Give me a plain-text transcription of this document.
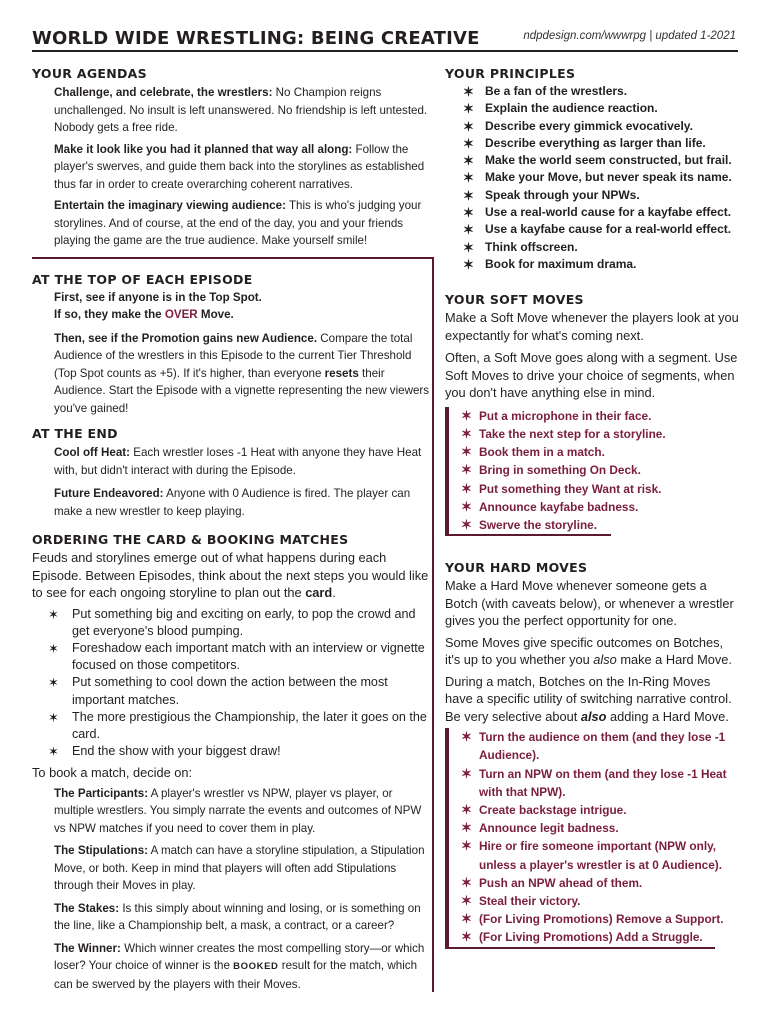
WORLD WIDE WRESTLING: BEING CREATIVE	ndpdesign.com/wwwrpg | updated 1-2021
YOUR AGENDAS

Challenge, and celebrate, the wrestlers: No Champion reigns unchallenged. No insult is left unanswered. No friendship is left untested. Nobody gets a free ride.

Make it look like you had it planned that way all along: Follow the player's swerves, and guide them back into the storylines as established thus far in order to create overarching coherent narratives.

Entertain the imaginary viewing audience: This is who's judging your storylines. And of course, at the end of the day, you and your friends playing the game are the true audience. Make yourself smile!

AT THE TOP OF EACH EPISODE

First, see if anyone is in the Top Spot.

If so, they make the OVER Move.

Then, see if the Promotion gains new Audience. Compare the total Audience of the wrestlers in this Episode to the current Tier Threshold (Top Spot counts as +5). If it's higher, than everyone resets their Audience. Start the Episode with a vignette representing the new viewers you've gained!

AT THE END

Cool off Heat: Each wrestler loses -1 Heat with anyone they have Heat with, but didn't interact with during the Episode.

Future Endeavored: Anyone with 0 Audience is fired. The player can make a new wrestler to keep playing.

ORDERING THE CARD & BOOKING MATCHES

Feuds and storylines emerge out of what happens during each Episode. Between Episodes, think about the next steps you would like to see for each ongoing storyline to plan out the card.

✶ Put something big and exciting on early, to pop the crowd and get everyone's blood pumping.
✶ Foreshadow each important match with an interview or vignette focused on those competitors.
✶ Put something to cool down the action between the most important matches.
✶ The more prestigious the Championship, the later it goes on the card.
✶ End the show with your biggest draw!

To book a match, decide on:

The Participants: A player's wrestler vs NPW, player vs player, or multiple wrestlers. You simply narrate the events and outcomes of NPW vs NPW matches if you need to cover them in play.

The Stipulations: A match can have a storyline stipulation, a Stipulation Move, or both. Keep in mind that players will often add Stipulations through their Moves in play.

The Stakes: Is this simply about winning and losing, or is something on the line, like a Championship belt, a mask, a contract, or a career?

The Winner: Which winner creates the most compelling story—or which loser? Your choice of winner is the BOOKED result for the match, which can be swerved by the players with their Moves.

YOUR PRINCIPLES
✶ Be a fan of the wrestlers.
✶ Explain the audience reaction.
✶ Describe every gimmick evocatively.
✶ Describe everything as larger than life.
✶ Make the world seem constructed, but frail.
✶ Make your Move, but never speak its name.
✶ Speak through your NPWs.
✶ Use a real-world cause for a kayfabe effect.
✶ Use a kayfabe cause for a real-world effect.
✶ Think offscreen.
✶ Book for maximum drama.
YOUR SOFT MOVES

Make a Soft Move whenever the players look at you expectantly for what's coming next.

Often, a Soft Move goes along with a segment. Use Soft Moves to drive your choice of segments, when you don't have anything else in mind.

✶ Put a microphone in their face.
✶ Take the next step for a storyline.
✶ Book them in a match.
✶ Bring in something On Deck.
✶ Put something they Want at risk.
✶ Announce kayfabe badness.
✶ Swerve the storyline.
YOUR HARD MOVES

Make a Hard Move whenever someone gets a Botch (with caveats below), or whenever a wrestler gives you the perfect opportunity for one.

Some Moves give specific outcomes on Botches, it's up to you whether you also make a Hard Move.

During a match, Botches on the In-Ring Moves have a specific utility of switching narrative control. Be very selective about also adding a Hard Move.

✶ Turn the audience on them (and they lose -1 Audience).
✶ Turn an NPW on them (and they lose -1 Heat with that NPW).
✶ Create backstage intrigue.
✶ Announce legit badness.
✶ Hire or fire someone important (NPW only, unless a player's wrestler is at 0 Audience).
✶ Push an NPW ahead of them.
✶ Steal their victory.
✶ (For Living Promotions) Remove a Support.
✶ (For Living Promotions) Add a Struggle.
